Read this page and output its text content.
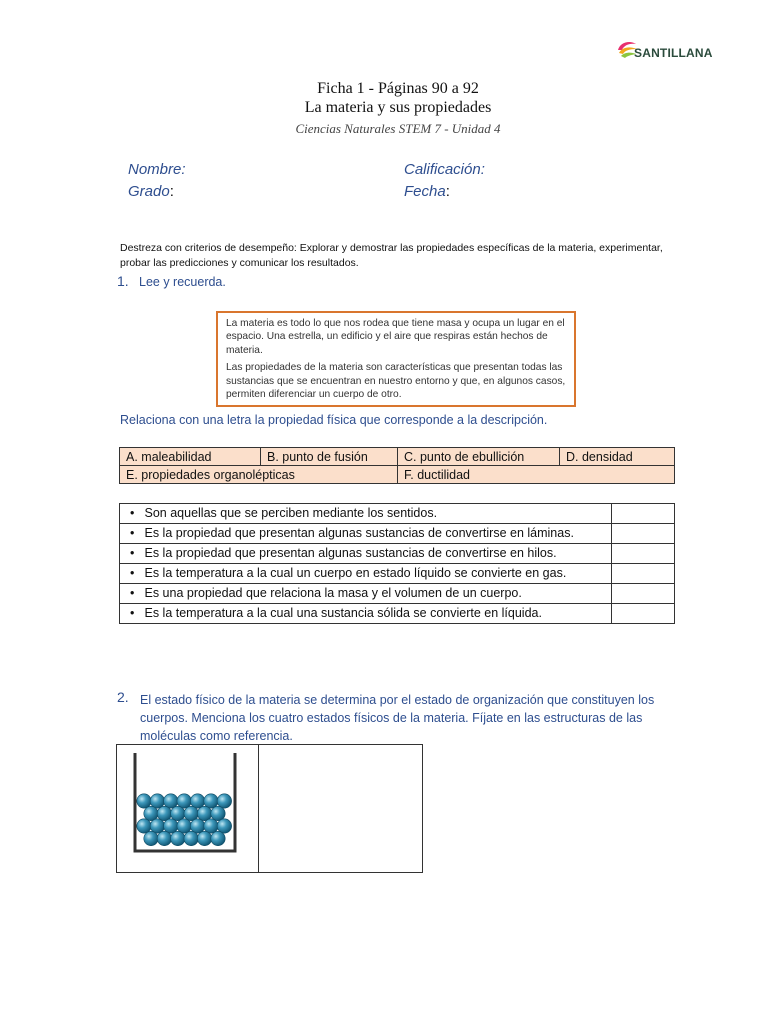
SANTILLANA
Ficha 1 - Páginas 90 a 92
La materia y sus propiedades
Ciencias Naturales STEM 7 - Unidad 4
Nombre:	Calificación:
Grado:	Fecha:
Destreza con criterios de desempeño: Explorar y demostrar las propiedades específicas de la materia, experimentar, probar las predicciones y comunicar los resultados.
1. Lee y recuerda.

La materia es todo lo que nos rodea que tiene masa y ocupa un lugar en el espacio. Una estrella, un edificio y el aire que respiras están hechos de materia.

Las propiedades de la materia son características que presentan todas las sustancias que se encuentran en nuestro entorno y que, en algunos casos, permiten diferenciar un cuerpo de otro.

Relaciona con una letra la propiedad física que corresponde a la descripción.
A. maleabilidad	B. punto de fusión	C. punto de ebullición	D. densidad
E. propiedades organolépticas		F. ductilidad	
•	Son aquellas que se perciben mediante los sentidos.	
•	Es la propiedad que presentan algunas sustancias de convertirse en láminas.	
•	Es la propiedad que presentan algunas sustancias de convertirse en hilos.	
•	Es la temperatura a la cual un cuerpo en estado líquido se convierte en gas.	
•	Es una propiedad que relaciona la masa y el volumen de un cuerpo.	
•	Es la temperatura a la cual una sustancia sólida se convierte en líquida.	
2. El estado físico de la materia se determina por el estado de organización que constituyen los cuerpos. Menciona los cuatro estados físicos de la materia. Fíjate en las estructuras de las moléculas como referencia.
